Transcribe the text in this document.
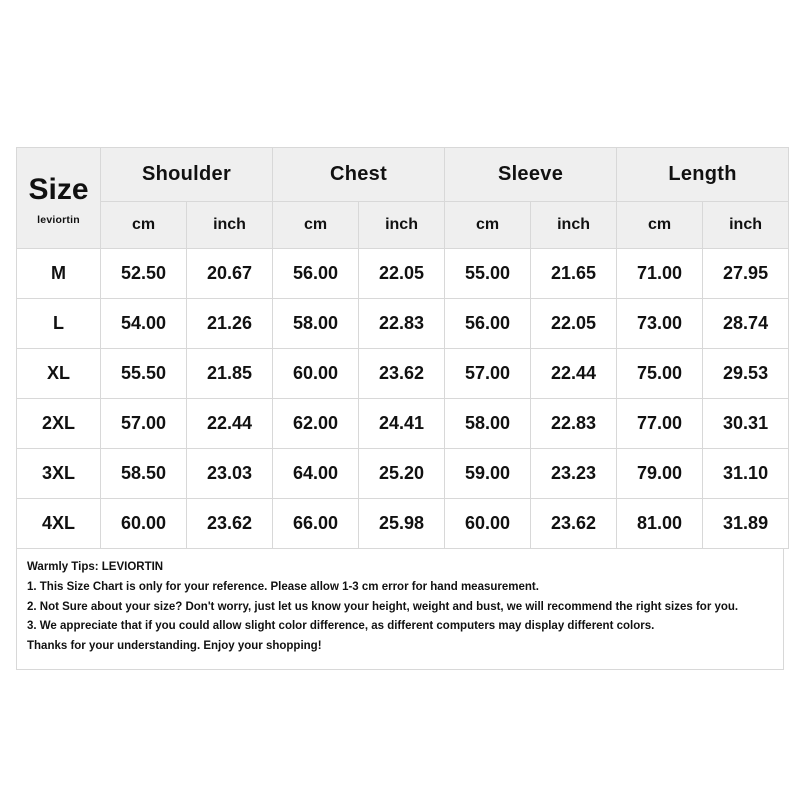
Size
leviortin	Shoulder		Chest		Sleeve		Length	
	cm	inch	cm	inch	cm	inch	cm	inch
M	52.50	20.67	56.00	22.05	55.00	21.65	71.00	27.95
L	54.00	21.26	58.00	22.83	56.00	22.05	73.00	28.74
XL	55.50	21.85	60.00	23.62	57.00	22.44	75.00	29.53
2XL	57.00	22.44	62.00	24.41	58.00	22.83	77.00	30.31
3XL	58.50	23.03	64.00	25.20	59.00	23.23	79.00	31.10
4XL	60.00	23.62	66.00	25.98	60.00	23.62	81.00	31.89
Warmly Tips: LEVIORTIN
1. This Size Chart is only for your reference. Please allow 1-3 cm error for hand measurement.
2. Not Sure about your size? Don't worry, just let us know your height, weight and bust, we will recommend the right sizes for you.
3. We appreciate that if you could allow slight color difference, as different computers may display different colors.
Thanks for your understanding. Enjoy your shopping!
